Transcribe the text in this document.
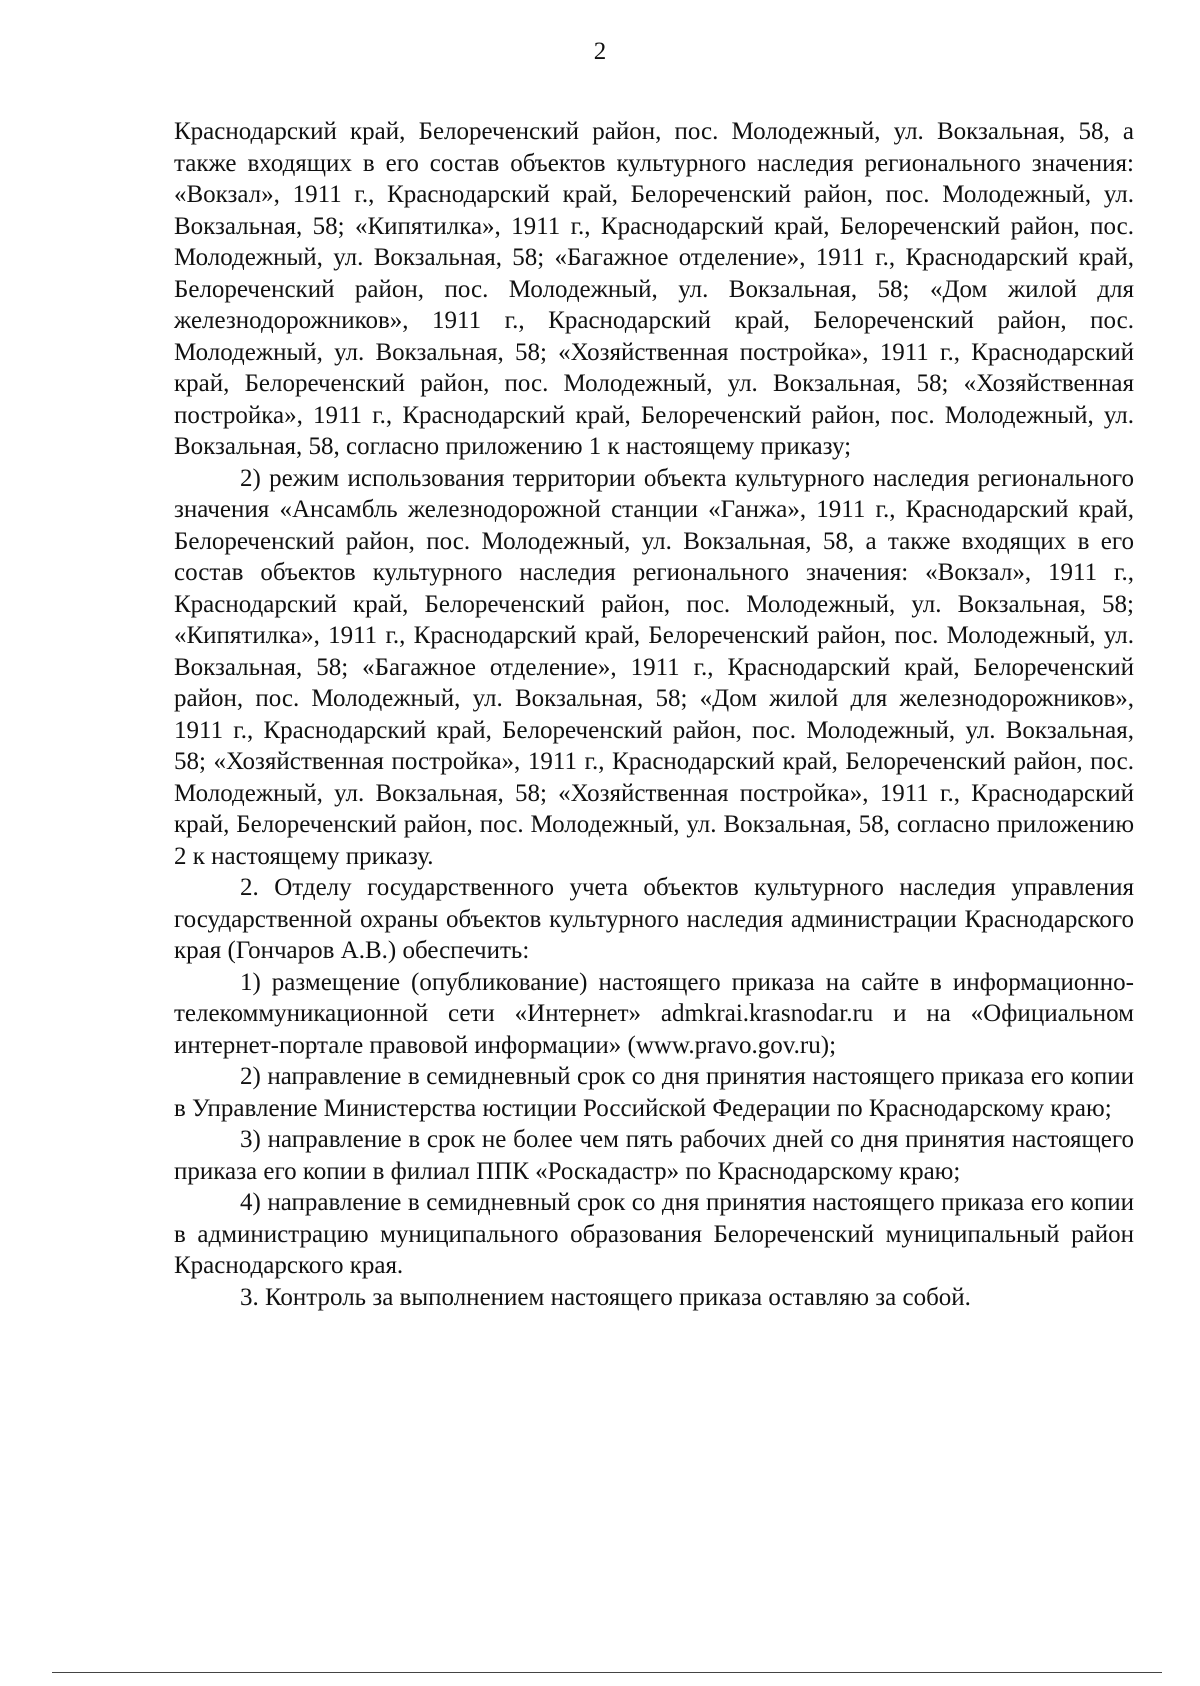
2

Краснодарский край, Белореченский район, пос. Молодежный, ул. Вокзальная, 58, а также входящих в его состав объектов культурного наследия регионального значения: «Вокзал», 1911 г., Краснодарский край, Белореченский район, пос. Молодежный, ул. Вокзальная, 58; «Кипятилка», 1911 г., Краснодарский край, Белореченский район, пос. Молодежный, ул. Вокзальная, 58; «Багажное отделение», 1911 г., Краснодарский край, Белореченский район, пос. Молодежный, ул. Вокзальная, 58; «Дом жилой для железнодорожников», 1911 г., Краснодарский край, Белореченский район, пос. Молодежный, ул. Вокзальная, 58; «Хозяйственная постройка», 1911 г., Краснодарский край, Белореченский район, пос. Молодежный, ул. Вокзальная, 58; «Хозяйственная постройка», 1911 г., Краснодарский край, Белореченский район, пос. Молодежный, ул. Вокзальная, 58, согласно приложению 1 к настоящему приказу;

2) режим использования территории объекта культурного наследия регионального значения «Ансамбль железнодорожной станции «Ганжа», 1911 г., Краснодарский край, Белореченский район, пос. Молодежный, ул. Вокзальная, 58, а также входящих в его состав объектов культурного наследия регионального значения: «Вокзал», 1911 г., Краснодарский край, Белореченский район, пос. Молодежный, ул. Вокзальная, 58; «Кипятилка», 1911 г., Краснодарский край, Белореченский район, пос. Молодежный, ул. Вокзальная, 58; «Багажное отделение», 1911 г., Краснодарский край, Белореченский район, пос. Молодежный, ул. Вокзальная, 58; «Дом жилой для железнодорожников», 1911 г., Краснодарский край, Белореченский район, пос. Молодежный, ул. Вокзальная, 58; «Хозяйственная постройка», 1911 г., Краснодарский край, Белореченский район, пос. Молодежный, ул. Вокзальная, 58; «Хозяйственная постройка», 1911 г., Краснодарский край, Белореченский район, пос. Молодежный, ул. Вокзальная, 58, согласно приложению 2 к настоящему приказу.

2. Отделу государственного учета объектов культурного наследия управления государственной охраны объектов культурного наследия администрации Краснодарского края (Гончаров А.В.) обеспечить:

1) размещение (опубликование) настоящего приказа на сайте в информационно-телекоммуникационной сети «Интернет» admkrai.krasnodar.ru и на «Официальном интернет-портале правовой информации» (www.pravo.gov.ru);

2) направление в семидневный срок со дня принятия настоящего приказа его копии в Управление Министерства юстиции Российской Федерации по Краснодарскому краю;

3) направление в срок не более чем пять рабочих дней со дня принятия настоящего приказа его копии в филиал ППК «Роскадастр» по Краснодарскому краю;

4) направление в семидневный срок со дня принятия настоящего приказа его копии в администрацию муниципального образования Белореченский муниципальный район Краснодарского края.

3. Контроль за выполнением настоящего приказа оставляю за собой.
